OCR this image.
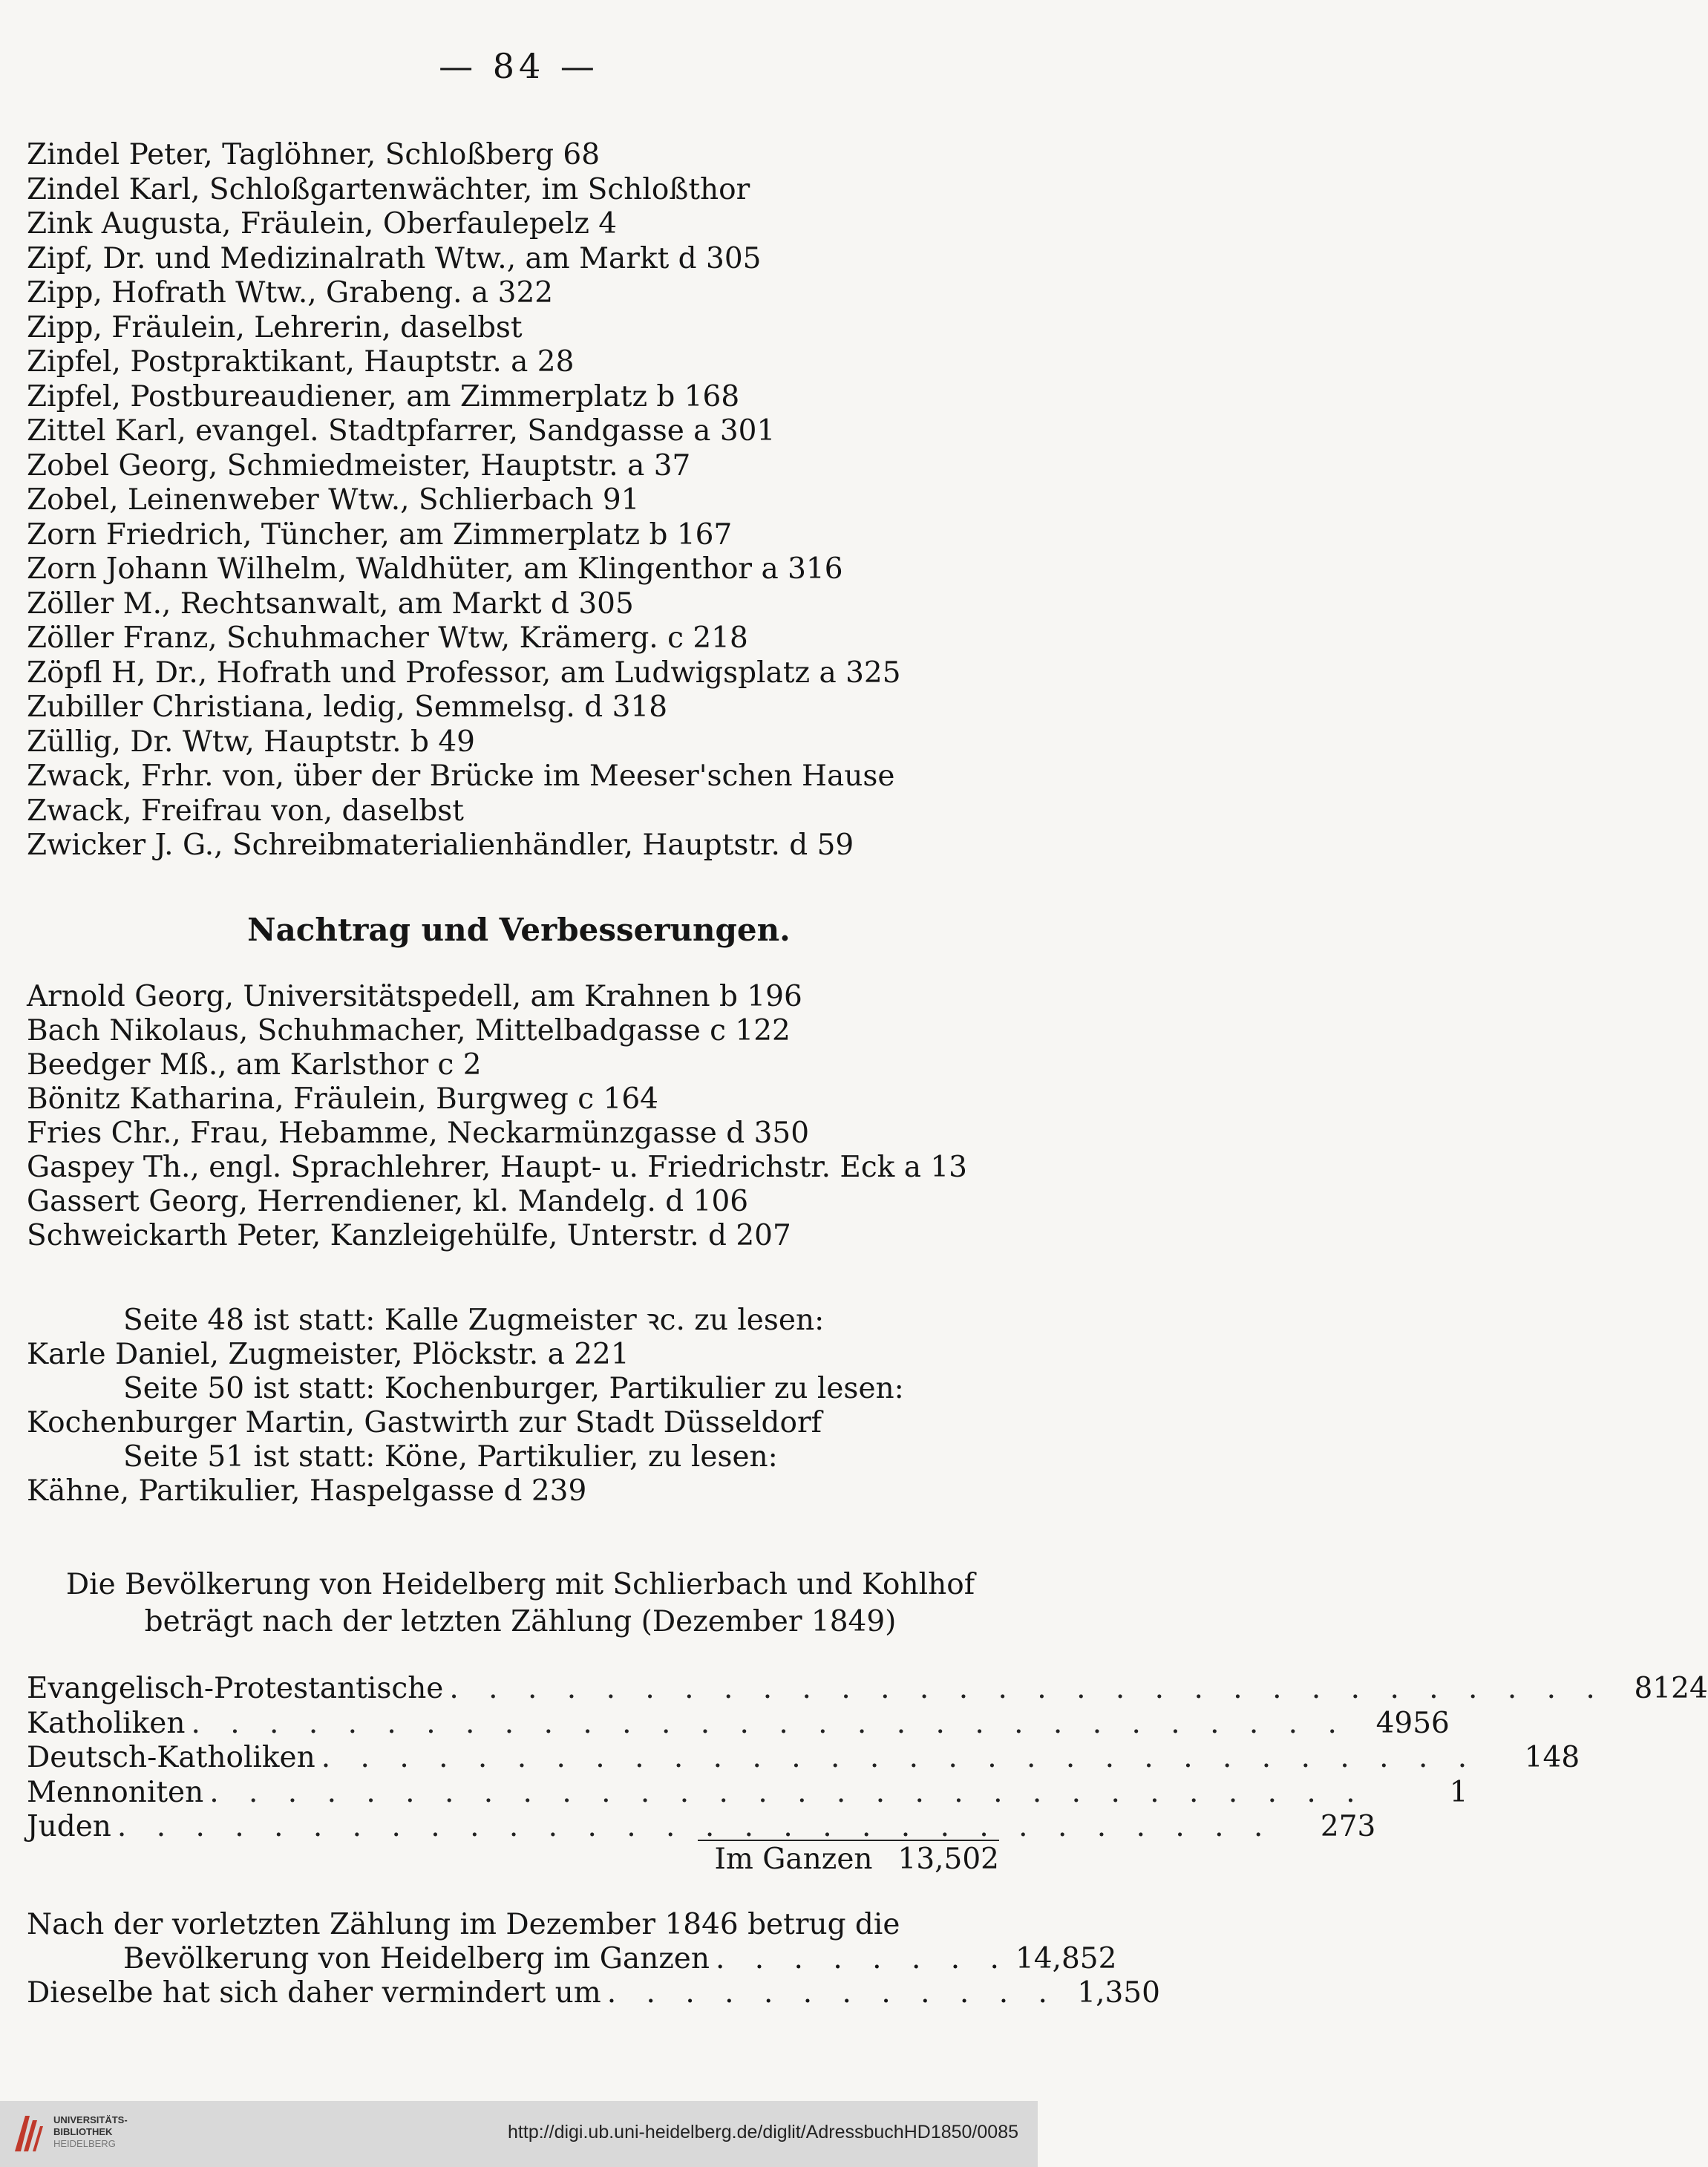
— 84 —
Zindel Peter, Taglöhner, Schloßberg 68
Zindel Karl, Schloßgartenwächter, im Schloßthor
Zink Augusta, Fräulein, Oberfaulepelz 4
Zipf, Dr. und Medizinalrath Wtw., am Markt d 305
Zipp, Hofrath Wtw., Grabeng. a 322
Zipp, Fräulein, Lehrerin, daselbst
Zipfel, Postpraktikant, Hauptstr. a 28
Zipfel, Postbureaudiener, am Zimmerplatz b 168
Zittel Karl, evangel. Stadtpfarrer, Sandgasse a 301
Zobel Georg, Schmiedmeister, Hauptstr. a 37
Zobel, Leinenweber Wtw., Schlierbach 91
Zorn Friedrich, Tüncher, am Zimmerplatz b 167
Zorn Johann Wilhelm, Waldhüter, am Klingenthor a 316
Zöller M., Rechtsanwalt, am Markt d 305
Zöller Franz, Schuhmacher Wtw, Krämerg. c 218
Zöpfl H, Dr., Hofrath und Professor, am Ludwigsplatz a 325
Zubiller Christiana, ledig, Semmelsg. d 318
Züllig, Dr. Wtw, Hauptstr. b 49
Zwack, Frhr. von, über der Brücke im Meeser'schen Hause
Zwack, Freifrau von, daselbst
Zwicker J. G., Schreibmaterialienhändler, Hauptstr. d 59
Nachtrag und Verbesserungen.
Arnold Georg, Universitätspedell, am Krahnen b 196
Bach Nikolaus, Schuhmacher, Mittelbadgasse c 122
Beedger Mß., am Karlsthor c 2
Bönitz Katharina, Fräulein, Burgweg c 164
Fries Chr., Frau, Hebamme, Neckarmünzgasse d 350
Gaspey Th., engl. Sprachlehrer, Haupt- u. Friedrichstr. Eck a 13
Gassert Georg, Herrendiener, kl. Mandelg. d 106
Schweickarth Peter, Kanzleigehülfe, Unterstr. d 207
Seite 48 ist statt: Kalle Zugmeister ꝛc. zu lesen:
Karle Daniel, Zugmeister, Plöckstr. a 221
Seite 50 ist statt: Kochenburger, Partikulier zu lesen:
Kochenburger Martin, Gastwirth zur Stadt Düsseldorf
Seite 51 ist statt: Köne, Partikulier, zu lesen:
Kähne, Partikulier, Haspelgasse d 239
Die Bevölkerung von Heidelberg mit Schlierbach und Kohlhof
beträgt nach der letzten Zählung (Dezember 1849)
Evangelisch-Protestantische . . . . . . . . . . . . . . . . . . . . . . . . . . . . . . 8124
Katholiken . . . . . . . . . . . . . . . . . . . . . . . . . . . . . . 4956
Deutsch-Katholiken . . . . . . . . . . . . . . . . . . . . . . . . . . . . . .	148
Mennoniten . . . . . . . . . . . . . . . . . . . . . . . . . . . . . .	1
Juden . . . . . . . . . . . . . . . . . . . . . . . . . . . . . .	273
Im Ganzen 13,502
Nach der vorletzten Zählung im Dezember 1846 betrug die
Bevölkerung von Heidelberg im Ganzen . . . . . . . . 14,852
Dieselbe hat sich daher vermindert um . . . . . . . . . . . . 1,350
UNIVERSITÄTS-
BIBLIOTHEK
HEIDELBERG
http://digi.ub.uni-heidelberg.de/diglit/AdressbuchHD1850/0085
